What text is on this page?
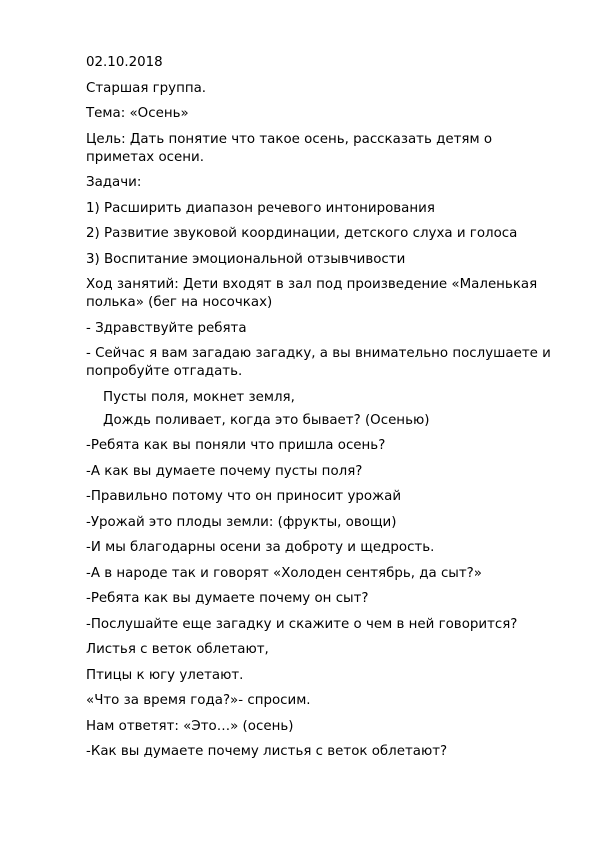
02.10.2018

Старшая группа.

Тема: «Осень»

Цель: Дать понятие что такое осень, рассказать детям о приметах осени.

Задачи:

1) Расширить диапазон речевого интонирования

2) Развитие звуковой координации, детского слуха и голоса

3) Воспитание эмоциональной отзывчивости

Ход занятий: Дети входят в зал под произведение «Маленькая полька» (бег на носочках)

- Здравствуйте ребята

- Сейчас я вам загадаю загадку, а вы внимательно послушаете и попробуйте отгадать.

Пусты поля, мокнет земля,

Дождь поливает, когда это бывает? (Осенью)

-Ребята как вы поняли что пришла осень?

-А как вы думаете почему пусты поля?

-Правильно потому что он приносит урожай

-Урожай это плоды земли: (фрукты, овощи)

-И мы благодарны осени за доброту и щедрость.

-А в народе так и говорят «Холоден сентябрь, да сыт?»

-Ребята как вы думаете почему он сыт?

-Послушайте еще загадку и скажите о чем в ней говорится?

Листья с веток облетают,

Птицы к югу улетают.

«Что за время года?»- спросим.

Нам ответят: «Это…» (осень)

-Как вы думаете почему листья с веток облетают?
